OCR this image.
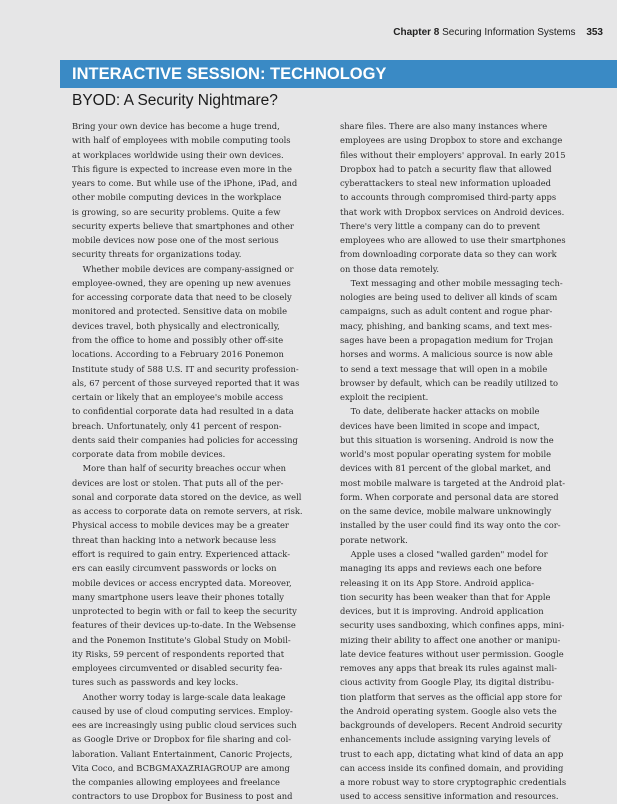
Chapter 8 Securing Information Systems 353
INTERACTIVE SESSION: TECHNOLOGY
BYOD: A Security Nightmare?
Bring your own device has become a huge trend,
with half of employees with mobile computing tools
at workplaces worldwide using their own devices.
This figure is expected to increase even more in the
years to come. But while use of the iPhone, iPad, and
other mobile computing devices in the workplace
is growing, so are security problems. Quite a few
security experts believe that smartphones and other
mobile devices now pose one of the most serious
security threats for organizations today.
Whether mobile devices are company-assigned or
employee-owned, they are opening up new avenues
for accessing corporate data that need to be closely
monitored and protected. Sensitive data on mobile
devices travel, both physically and electronically,
from the office to home and possibly other off-site
locations. According to a February 2016 Ponemon
Institute study of 588 U.S. IT and security profession-
als, 67 percent of those surveyed reported that it was
certain or likely that an employee's mobile access
to confidential corporate data had resulted in a data
breach. Unfortunately, only 41 percent of respon-
dents said their companies had policies for accessing
corporate data from mobile devices.
More than half of security breaches occur when
devices are lost or stolen. That puts all of the per-
sonal and corporate data stored on the device, as well
as access to corporate data on remote servers, at risk.
Physical access to mobile devices may be a greater
threat than hacking into a network because less
effort is required to gain entry. Experienced attack-
ers can easily circumvent passwords or locks on
mobile devices or access encrypted data. Moreover,
many smartphone users leave their phones totally
unprotected to begin with or fail to keep the security
features of their devices up-to-date. In the Websense
and the Ponemon Institute's Global Study on Mobil-
ity Risks, 59 percent of respondents reported that
employees circumvented or disabled security fea-
tures such as passwords and key locks.
Another worry today is large-scale data leakage
caused by use of cloud computing services. Employ-
ees are increasingly using public cloud services such
as Google Drive or Dropbox for file sharing and col-
laboration. Valiant Entertainment, Canoric Projects,
Vita Coco, and BCBGMAXAZRIAGROUP are among
the companies allowing employees and freelance
contractors to use Dropbox for Business to post and
share files. There are also many instances where
employees are using Dropbox to store and exchange
files without their employers' approval. In early 2015
Dropbox had to patch a security flaw that allowed
cyberattackers to steal new information uploaded
to accounts through compromised third-party apps
that work with Dropbox services on Android devices.
There's very little a company can do to prevent
employees who are allowed to use their smartphones
from downloading corporate data so they can work
on those data remotely.
Text messaging and other mobile messaging tech-
nologies are being used to deliver all kinds of scam
campaigns, such as adult content and rogue phar-
macy, phishing, and banking scams, and text mes-
sages have been a propagation medium for Trojan
horses and worms. A malicious source is now able
to send a text message that will open in a mobile
browser by default, which can be readily utilized to
exploit the recipient.
To date, deliberate hacker attacks on mobile
devices have been limited in scope and impact,
but this situation is worsening. Android is now the
world's most popular operating system for mobile
devices with 81 percent of the global market, and
most mobile malware is targeted at the Android plat-
form. When corporate and personal data are stored
on the same device, mobile malware unknowingly
installed by the user could find its way onto the cor-
porate network.
Apple uses a closed "walled garden" model for
managing its apps and reviews each one before
releasing it on its App Store. Android applica-
tion security has been weaker than that for Apple
devices, but it is improving. Android application
security uses sandboxing, which confines apps, mini-
mizing their ability to affect one another or manipu-
late device features without user permission. Google
removes any apps that break its rules against mali-
cious activity from Google Play, its digital distribu-
tion platform that serves as the official app store for
the Android operating system. Google also vets the
backgrounds of developers. Recent Android security
enhancements include assigning varying levels of
trust to each app, dictating what kind of data an app
can access inside its confined domain, and providing
a more robust way to store cryptographic credentials
used to access sensitive information and resources.
